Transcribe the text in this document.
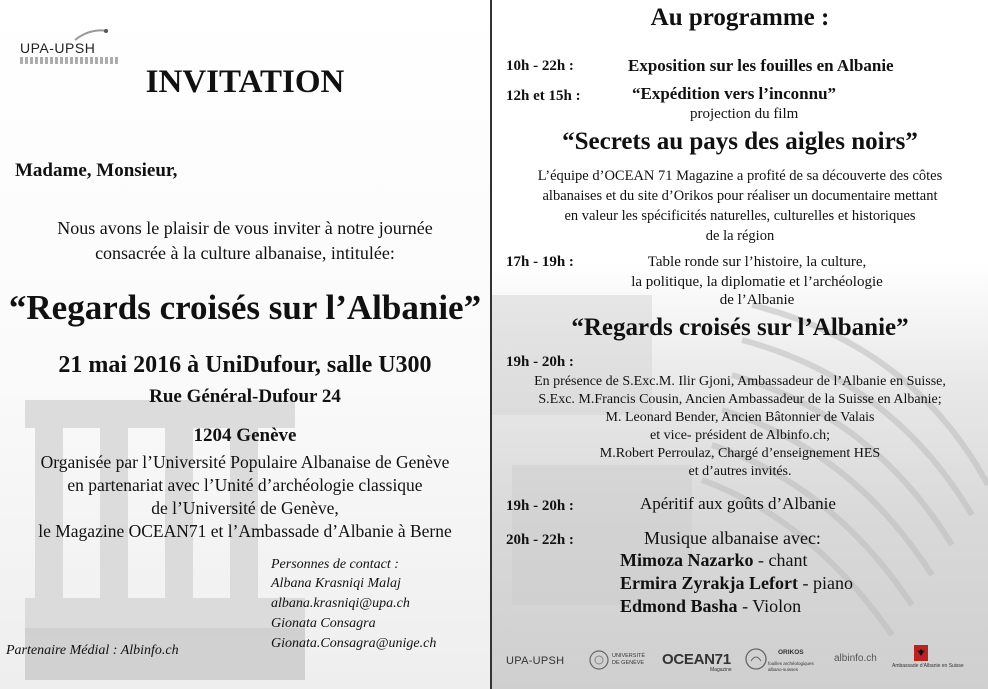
UPA-UPSH
INVITATION
Madame, Monsieur,
Nous avons le plaisir de vous inviter à notre journée
consacrée à la culture albanaise, intitulée:
“Regards croisés sur l’Albanie”
21 mai 2016 à UniDufour, salle U300
Rue Général-Dufour 24
1204 Genève
Organisée par l’Université Populaire Albanaise de Genève
en partenariat avec l’Unité d’archéologie classique
de l’Université de Genève,
le Magazine OCEAN71 et l’Ambassade d’Albanie à Berne
Personnes de contact :
Albana Krasniqi Malaj
albana.krasniqi@upa.ch
Gionata Consagra
Gionata.Consagra@unige.ch
Partenaire Médial : Albinfo.ch
Au programme :
10h - 22h :	Exposition sur les fouilles en Albanie
12h et 15h :	“Expédition vers l’inconnu”
projection du film
“Secrets au pays des aigles noirs”
L’équipe d’OCEAN 71 Magazine a profité de sa découverte des côtes
albanaises et du site d’Orikos pour réaliser un documentaire mettant
en valeur les spécificités naturelles, culturelles et historiques
de la région
17h - 19h :	Table ronde sur l’histoire, la culture,
la politique, la diplomatie et l’archéologie
de l’Albanie
“Regards croisés sur l’Albanie”
19h - 20h :
En présence de S.Exc.M. Ilir Gjoni, Ambassadeur de l’Albanie en Suisse,
S.Exc. M.Francis Cousin, Ancien Ambassadeur de la Suisse en Albanie;
M. Leonard Bender, Ancien Bâtonnier de Valais
et vice- président de Albinfo.ch;
M.Robert Perroulaz, Chargé d’enseignement HES
et d’autres invités.
19h - 20h :	Apéritif aux goûts d’Albanie
20h - 22h :	Musique albanaise avec:
Mimoza Nazarko - chant
Ermira Zyrakja Lefort - piano
Edmond Basha - Violon
UPA-UPSH	UNIVERSITÉ DE GENÈVE	OCEAN71
Magazine
ORIKOS
fouilles archéologiques albano-suisses
albinfo.ch
Ambassade d’Albanie en Suisse
